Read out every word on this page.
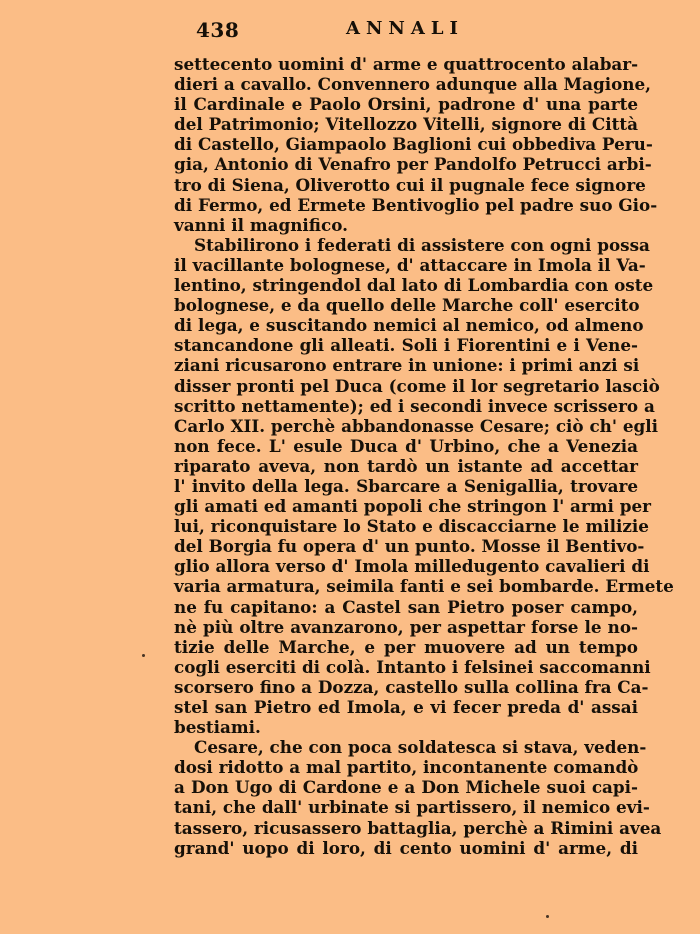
438	ANNALI
settecento uomini d' arme e quattrocento alabar-
dieri a cavallo. Convennero adunque alla Magione,
il Cardinale e Paolo Orsini, padrone d' una parte
del Patrimonio; Vitellozzo Vitelli, signore di Città
di Castello, Giampaolo Baglioni cui obbediva Peru-
gia, Antonio di Venafro per Pandolfo Petrucci arbi-
tro di Siena, Oliverotto cui il pugnale fece signore
di Fermo, ed Ermete Bentivoglio pel padre suo Gio-
vanni il magnifico.
Stabilirono i federati di assistere con ogni possa
il vacillante bolognese, d' attaccare in Imola il Va-
lentino, stringendol dal lato di Lombardia con oste
bolognese, e da quello delle Marche coll' esercito
di lega, e suscitando nemici al nemico, od almeno
stancandone gli alleati. Soli i Fiorentini e i Vene-
ziani ricusarono entrare in unione: i primi anzi si
disser pronti pel Duca (come il lor segretario lasciò
scritto nettamente); ed i secondi invece scrissero a
Carlo XII. perchè abbandonasse Cesare; ciò ch' egli
non fece. L' esule Duca d' Urbino, che a Venezia
riparato aveva, non tardò un istante ad accettar
l' invito della lega. Sbarcare a Senigallia, trovare
gli amati ed amanti popoli che stringon l' armi per
lui, riconquistare lo Stato e discacciarne le milizie
del Borgia fu opera d' un punto. Mosse il Bentivo-
glio allora verso d' Imola milledugento cavalieri di
varia armatura, seimila fanti e sei bombarde. Ermete
ne fu capitano: a Castel san Pietro poser campo,
nè più oltre avanzarono, per aspettar forse le no-
tizie delle Marche, e per muovere ad un tempo
cogli eserciti di colà. Intanto i felsinei saccomanni
scorsero fino a Dozza, castello sulla collina fra Ca-
stel san Pietro ed Imola, e vi fecer preda d' assai
bestiami.
Cesare, che con poca soldatesca si stava, veden-
dosi ridotto a mal partito, incontanente comandò
a Don Ugo di Cardone e a Don Michele suoi capi-
tani, che dall' urbinate si partissero, il nemico evi-
tassero, ricusassero battaglia, perchè a Rimini avea
grand' uopo di loro, di cento uomini d' arme, di
